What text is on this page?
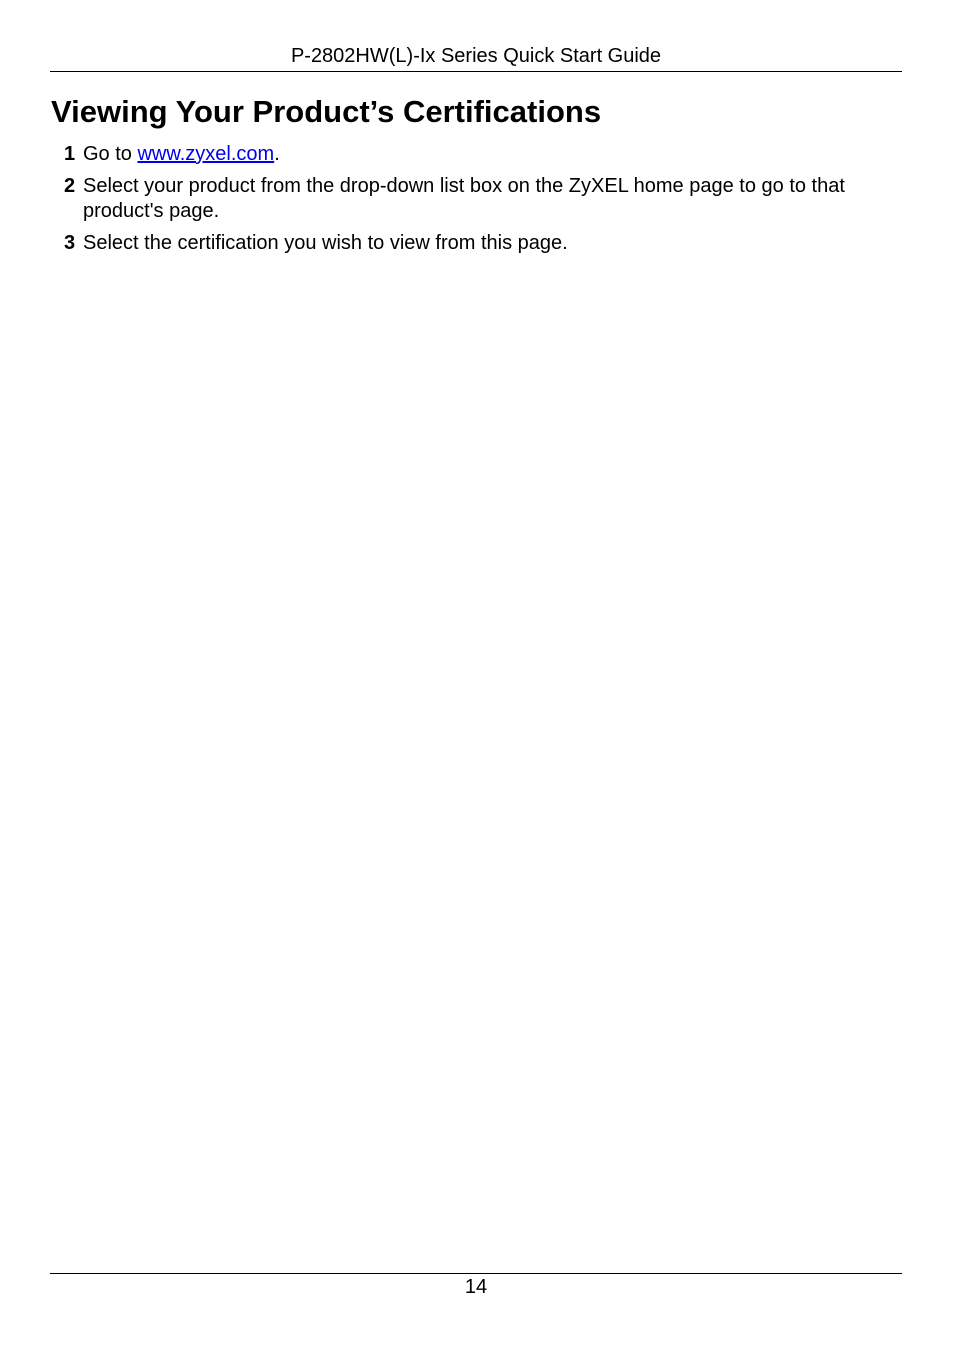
P-2802HW(L)-Ix Series Quick Start Guide
Viewing Your Product’s Certifications
1 Go to www.zyxel.com.
2 Select your product from the drop-down list box on the ZyXEL home page to go to that product's page.
3 Select the certification you wish to view from this page.
14
